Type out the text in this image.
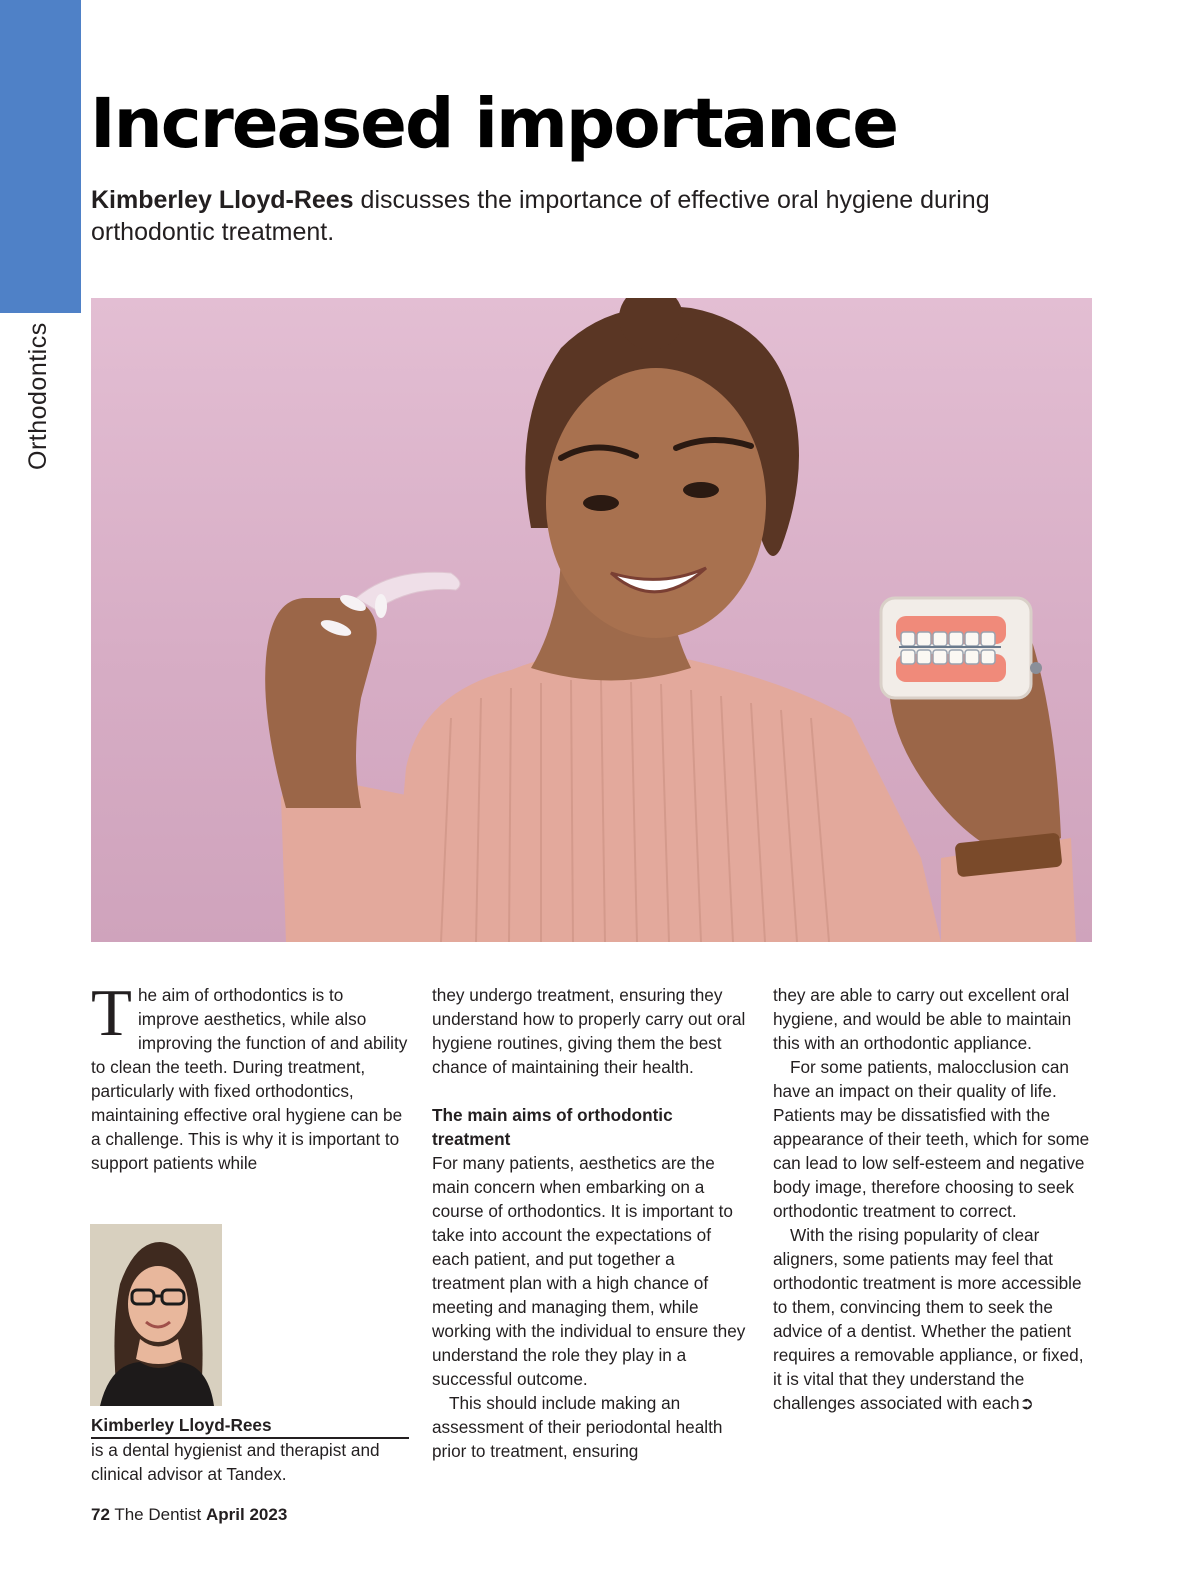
Orthodontics
Increased importance
Kimberley Lloyd-Rees discusses the importance of effective oral hygiene during orthodontic treatment.

The aim of orthodontics is to improve aesthetics, while also improving the function of and ability to clean the teeth. During treatment, particularly with fixed orthodontics, maintaining effective oral hygiene can be a challenge. This is why it is important to support patients while

they undergo treatment, ensuring they understand how to properly carry out oral hygiene routines, giving them the best chance of maintaining their health.

The main aims of orthodontic treatment

For many patients, aesthetics are the main concern when embarking on a course of orthodontics. It is important to take into account the expectations of each patient, and put together a treatment plan with a high chance of meeting and managing them, while working with the individual to ensure they understand the role they play in a successful outcome.

This should include making an assessment of their periodontal health prior to treatment, ensuring

they are able to carry out excellent oral hygiene, and would be able to maintain this with an orthodontic appliance.

For some patients, malocclusion can have an impact on their quality of life. Patients may be dissatisfied with the appearance of their teeth, which for some can lead to low self-esteem and negative body image, therefore choosing to seek orthodontic treatment to correct.

With the rising popularity of clear aligners, some patients may feel that orthodontic treatment is more accessible to them, convincing them to seek the advice of a dentist. Whether the patient requires a removable appliance, or fixed, it is vital that they understand the challenges associated with each➲

Kimberley Lloyd-Rees
is a dental hygienist and therapist and clinical advisor at Tandex.
72 The Dentist April 2023
